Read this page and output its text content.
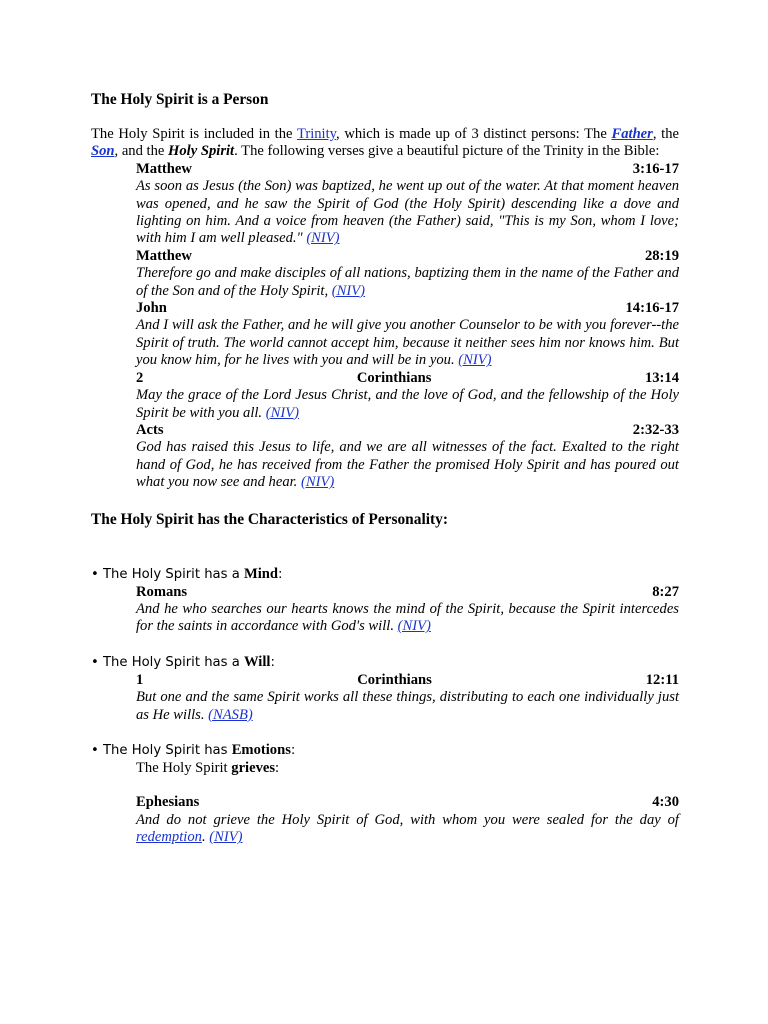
The Holy Spirit is a Person
The Holy Spirit is included in the Trinity, which is made up of 3 distinct persons: The Father, the Son, and the Holy Spirit. The following verses give a beautiful picture of the Trinity in the Bible:
Matthew	3:16-17
As soon as Jesus (the Son) was baptized, he went up out of the water. At that moment heaven was opened, and he saw the Spirit of God (the Holy Spirit) descending like a dove and lighting on him. And a voice from heaven (the Father) said, "This is my Son, whom I love; with him I am well pleased." (NIV)
Matthew	28:19
Therefore go and make disciples of all nations, baptizing them in the name of the Father and of the Son and of the Holy Spirit, (NIV)
John	14:16-17
And I will ask the Father, and he will give you another Counselor to be with you forever--the Spirit of truth. The world cannot accept him, because it neither sees him nor knows him. But you know him, for he lives with you and will be in you. (NIV)
2	Corinthians	13:14
May the grace of the Lord Jesus Christ, and the love of God, and the fellowship of the Holy Spirit be with you all. (NIV)
Acts	2:32-33
God has raised this Jesus to life, and we are all witnesses of the fact. Exalted to the right hand of God, he has received from the Father the promised Holy Spirit and has poured out what you now see and hear. (NIV)
The Holy Spirit has the Characteristics of Personality:
• The Holy Spirit has a Mind:
Romans	8:27
And he who searches our hearts knows the mind of the Spirit, because the Spirit intercedes for the saints in accordance with God's will. (NIV)
• The Holy Spirit has a Will:
1	Corinthians	12:11
But one and the same Spirit works all these things, distributing to each one individually just as He wills. (NASB)
• The Holy Spirit has Emotions:
The Holy Spirit grieves:
Ephesians	4:30
And do not grieve the Holy Spirit of God, with whom you were sealed for the day of redemption. (NIV)
